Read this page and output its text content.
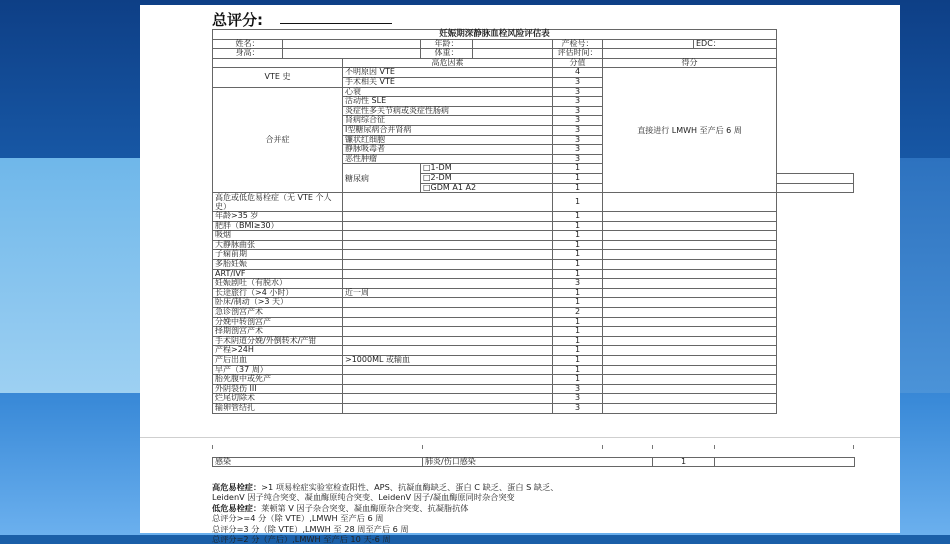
总评分:
妊娠期深静脉血栓风险评估表								
姓名：			年龄：		产检号：		EDC：	
身高：			体重：		评估时间：			
		高危因素			分值	得分		
VTE 史		不明原因 VTE			4	直接进行 LMWH 至产后 6 周		
		手术相关 VTE			3			
合并症		心衰			3			
		活动性 SLE			3			
		炎症性多关节病或炎症性肠病			3			
		肾病综合征			3			
		I型糖尿病合并肾病			3			
		镰状红细胞			3			
		静脉吸毒者			3			
		恶性肿瘤			3			
		糖尿病	□1-DM		1			
			□2-DM		1			
			□GDM A1 A2		1			
高危或低危易栓症（无 VTE 个人史）					1			
年龄>35 岁					1			
肥胖（BMI≥30）					1			
吸烟					1			
大静脉曲张					1			
子痫前期					1			
多胎妊娠					1			
ART/IVF					1			
妊娠剧吐（有脱水）					3			
长途旅行（>4 小时）		近一周			1			
卧床/制动（>3 天）					1			
急诊剖宫产术					2			
分娩中转剖宫产					1			
择期剖宫产术					1			
手术阴道分娩/外倒转术/产钳					1			
产程>24H					1			
产后出血		>1000ML 或输血			1			
早产（37 周）					1			
胎死腹中或死产					1			
外阴裂伤 III					3			
烂尾切除术					3			
输卵管结扎					3			
感染	肺炎/伤口感染	1	
高危易栓症：>1 项易栓症实验室检查阳性、APS、抗凝血酶缺乏、蛋白 C 缺乏、蛋白 S 缺乏、
LeidenV 因子纯合突变、凝血酶原纯合突变、LeidenV 因子/凝血酶原同时杂合突变
低危易栓症：莱顿第 V 因子杂合突变、凝血酶原杂合突变、抗凝脂抗体
总评分>=4 分（除 VTE）,LMWH 至产后 6 周
总评分=3 分（除 VTE）,LMWH 至 28 周至产后 6 周
总评分=2 分（产后）,LMWH 至产后 10 天-6 周
